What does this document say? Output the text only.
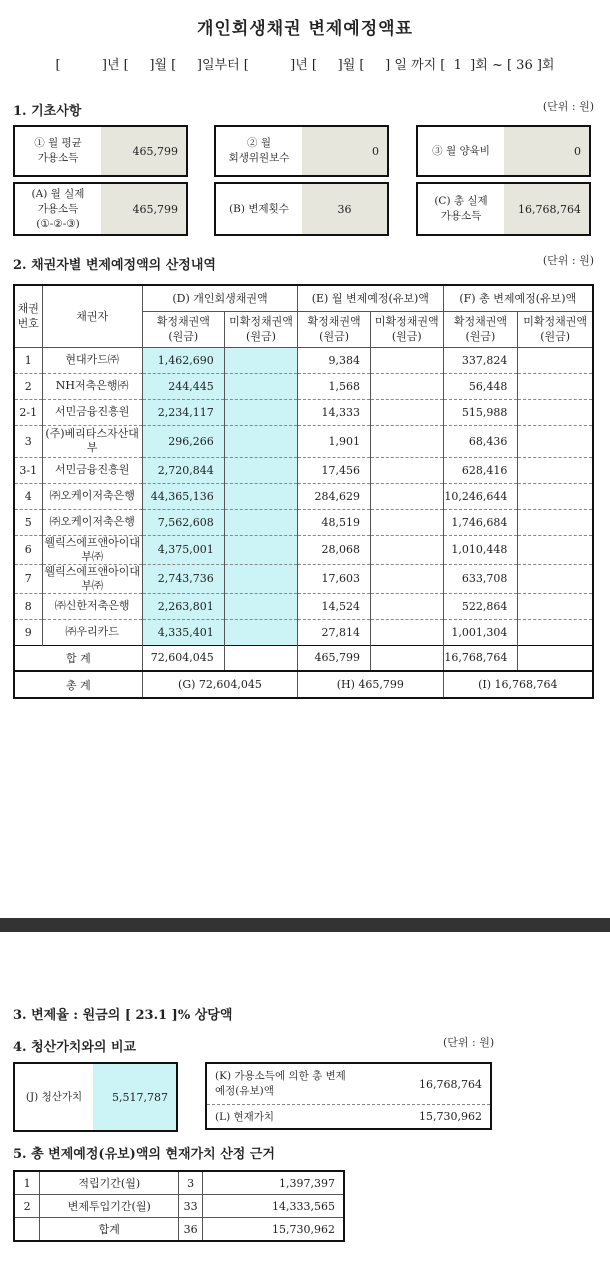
개인회생채권 변제예정액표
[          ]년 [     ]월 [     ]일부터 [          ]년 [     ]월 [     ] 일 까지 [  1  ]회 ~ [ 36 ]회
1. 기초사항	(단위 : 원)
① 월 평균
가용소득
465,799
② 월
회생위원보수
0	③ 월 양육비	0
(A) 월 실제
가용소득
(①-②-③)
465,799	(B) 변제횟수	36
(C) 총 실제
가용소득
16,768,764
2. 채권자별 변제예정액의 산정내역	(단위 : 원)
채권
번호	채권자	(D) 개인회생채권액		(E) 월 변제예정(유보)액		(F) 총 변제예정(유보)액	
		확정채권액
(원금)	미확정채권액
(원금)	확정채권액
(원금)	미확정채권액
(원금)	확정채권액
(원금)	미확정채권액
(원금)
1	현대카드㈜	1,462,690		9,384		337,824	
2	NH저축은행㈜	244,445		1,568		56,448	
2-1	서민금융진흥원	2,234,117		14,333		515,988	
3	(주)베리타스자산대
부	296,266		1,901		68,436	
3-1	서민금융진흥원	2,720,844		17,456		628,416	
4	㈜오케이저축은행	44,365,136		284,629		10,246,644	
5	㈜오케이저축은행	7,562,608		48,519		1,746,684	
6	웰릭스에프앤아이대
부㈜	4,375,001		28,068		1,010,448	
7	웰릭스에프앤아이대
부㈜	2,743,736		17,603		633,708	
8	㈜신한저축은행	2,263,801		14,524		522,864	
9	㈜우리카드	4,335,401		27,814		1,001,304	
합 계		72,604,045		465,799		16,768,764	
총 계		(G) 72,604,045		(H) 465,799		(I) 16,768,764	
3. 변제율 : 원금의 [ 23.1 ]% 상당액
4. 청산가치와의 비교	(단위 : 원)
(J) 청산가치	5,517,787
(K) 가용소득에 의한 총 변제
예정(유보)액
16,768,764
(L) 현재가치	15,730,962
5. 총 변제예정(유보)액의 현재가치 산정 근거
1	적립기간(월)	3	1,397,397
2	변제투입기간(월)	33	14,333,565
	합계	36	15,730,962
